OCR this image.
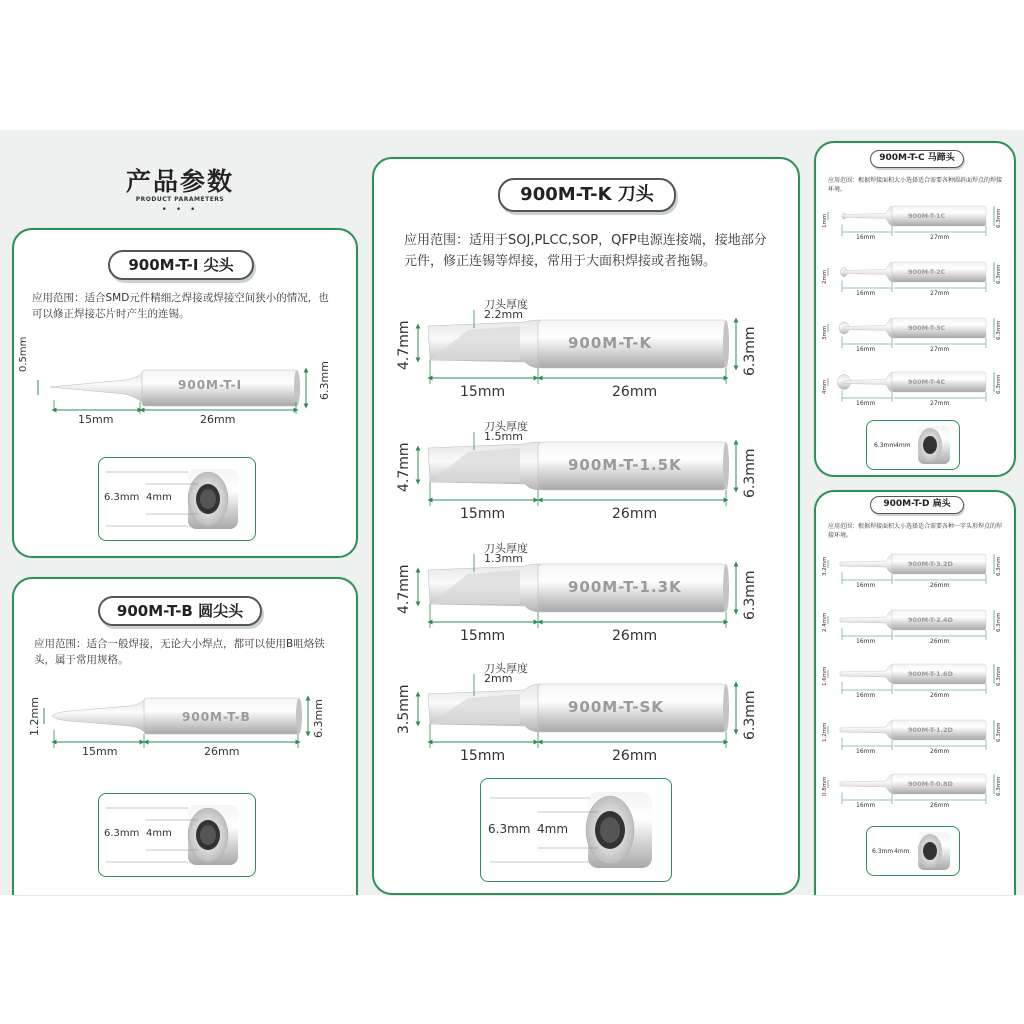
产品参数
PRODUCT PARAMETERS
• • •
900M-T-I 尖头
应用范围：适合SMD元件精细之焊接或焊接空间狭小的情况，也可以修正焊接芯片时产生的连锡。
900M-T-I
0.5mm
6.3mm
15mm	26mm
6.3mm 4mm
900M-T-B 圆尖头
应用范围：适合一般焊接，无论大小焊点，都可以使用B咀烙铁头，属于常用规格。
900M-T-B
1.2mm	6.3mm
15mm	26mm
6.3mm 4mm
900M-T-K 刀头
应用范围：适用于SOJ,PLCC,SOP，QFP电源连接端，接地部分元件，修正连锡等焊接，常用于大面积焊接或者拖锡。
900M-T-K
刀头厚度
2.2mm
4.7mm	6.3mm
15mm	26mm
900M-T-1.5K
刀头厚度
1.5mm
4.7mm	6.3mm
15mm	26mm
900M-T-1.3K
刀头厚度
1.3mm
4.7mm	6.3mm
15mm	26mm
900M-T-SK
刀头厚度
2mm
3.5mm	6.3mm
15mm	26mm
6.3mm 4mm
900M-T-C 马蹄头
应用范围：根据焊接面积大小选择适合需要各种圆斜面焊点的焊接环境。
900M-T-1C
1mm	6.3mm
16mm	27mm
900M-T-2C
2mm	6.3mm
16mm	27mm
900M-T-3C
3mm	6.3mm
16mm	27mm
900M-T-4C
4mm	6.3mm
16mm	27mm
6.3mm 4mm
900M-T-D 扁头
应用范围：根据焊接面积大小选择适合需要各种一字头形焊点的焊接环境。
900M-T-3.2D
3.2mm	6.3mm
16mm	26mm
900M-T-2.4D
2.4mm	6.3mm
16mm	26mm
900M-T-1.6D
1.6mm	6.3mm
16mm	26mm
900M-T-1.2D
1.2mm	6.3mm
16mm	26mm
900M-T-0.8D
0.8mm	6.3mm
16mm	26mm
6.3mm 4mm
